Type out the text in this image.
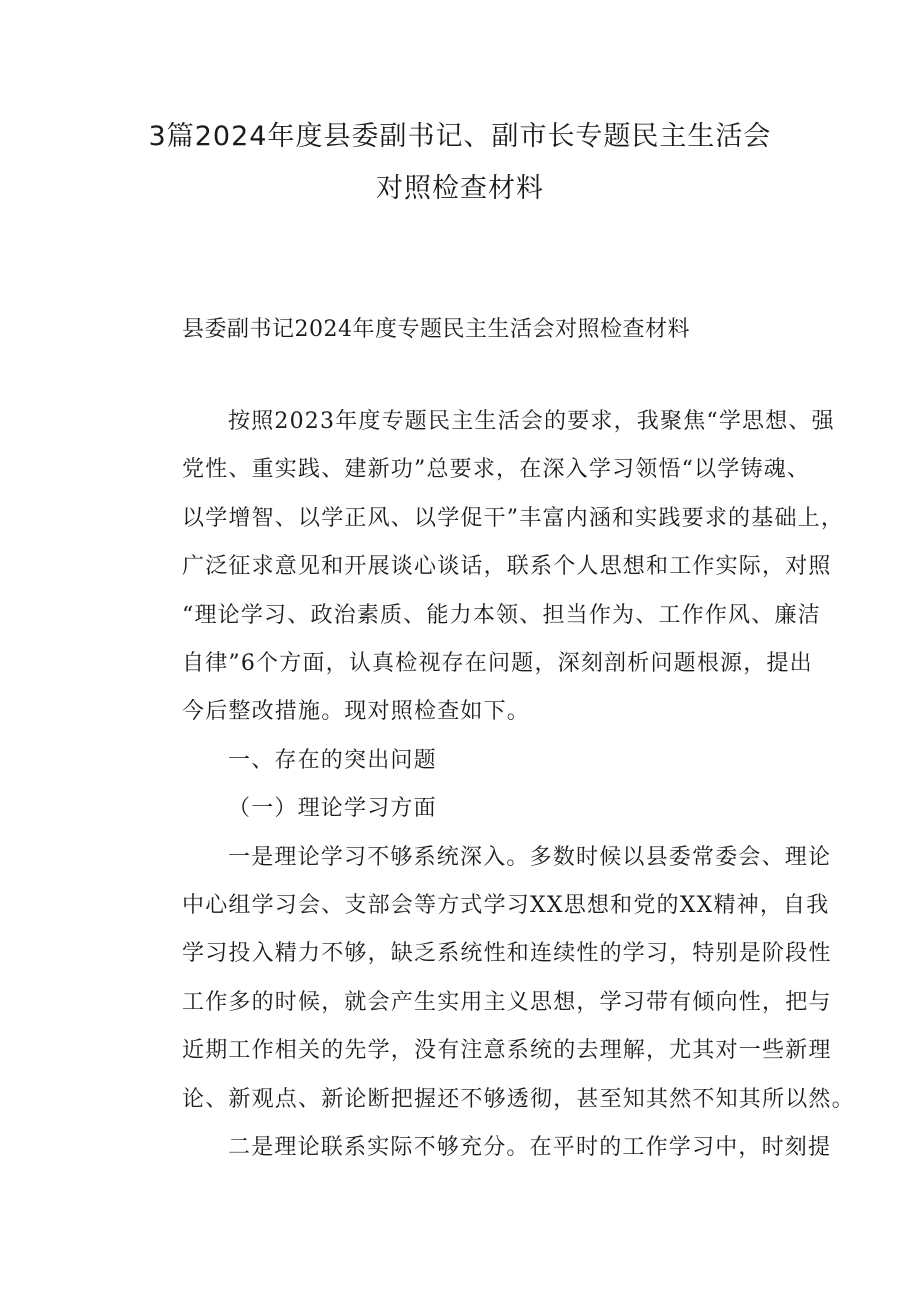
3篇2024年度县委副书记、副市长专题民主生活会
对照检查材料
县委副书记2024年度专题民主生活会对照检查材料

按照2023年度专题民主生活会的要求，我聚焦“学思想、强
党性、重实践、建新功”总要求，在深入学习领悟“以学铸魂、
以学增智、以学正风、以学促干”丰富内涵和实践要求的基础上，
广泛征求意见和开展谈心谈话，联系个人思想和工作实际，对照
“理论学习、政治素质、能力本领、担当作为、工作作风、廉洁
自律”6个方面，认真检视存在问题，深刻剖析问题根源，提出
今后整改措施。现对照检查如下。

一、存在的突出问题

（一）理论学习方面

一是理论学习不够系统深入。多数时候以县委常委会、理论
中心组学习会、支部会等方式学习XX思想和党的XX精神，自我
学习投入精力不够，缺乏系统性和连续性的学习，特别是阶段性
工作多的时候，就会产生实用主义思想，学习带有倾向性，把与
近期工作相关的先学，没有注意系统的去理解，尤其对一些新理
论、新观点、新论断把握还不够透彻，甚至知其然不知其所以然。

二是理论联系实际不够充分。在平时的工作学习中，时刻提
